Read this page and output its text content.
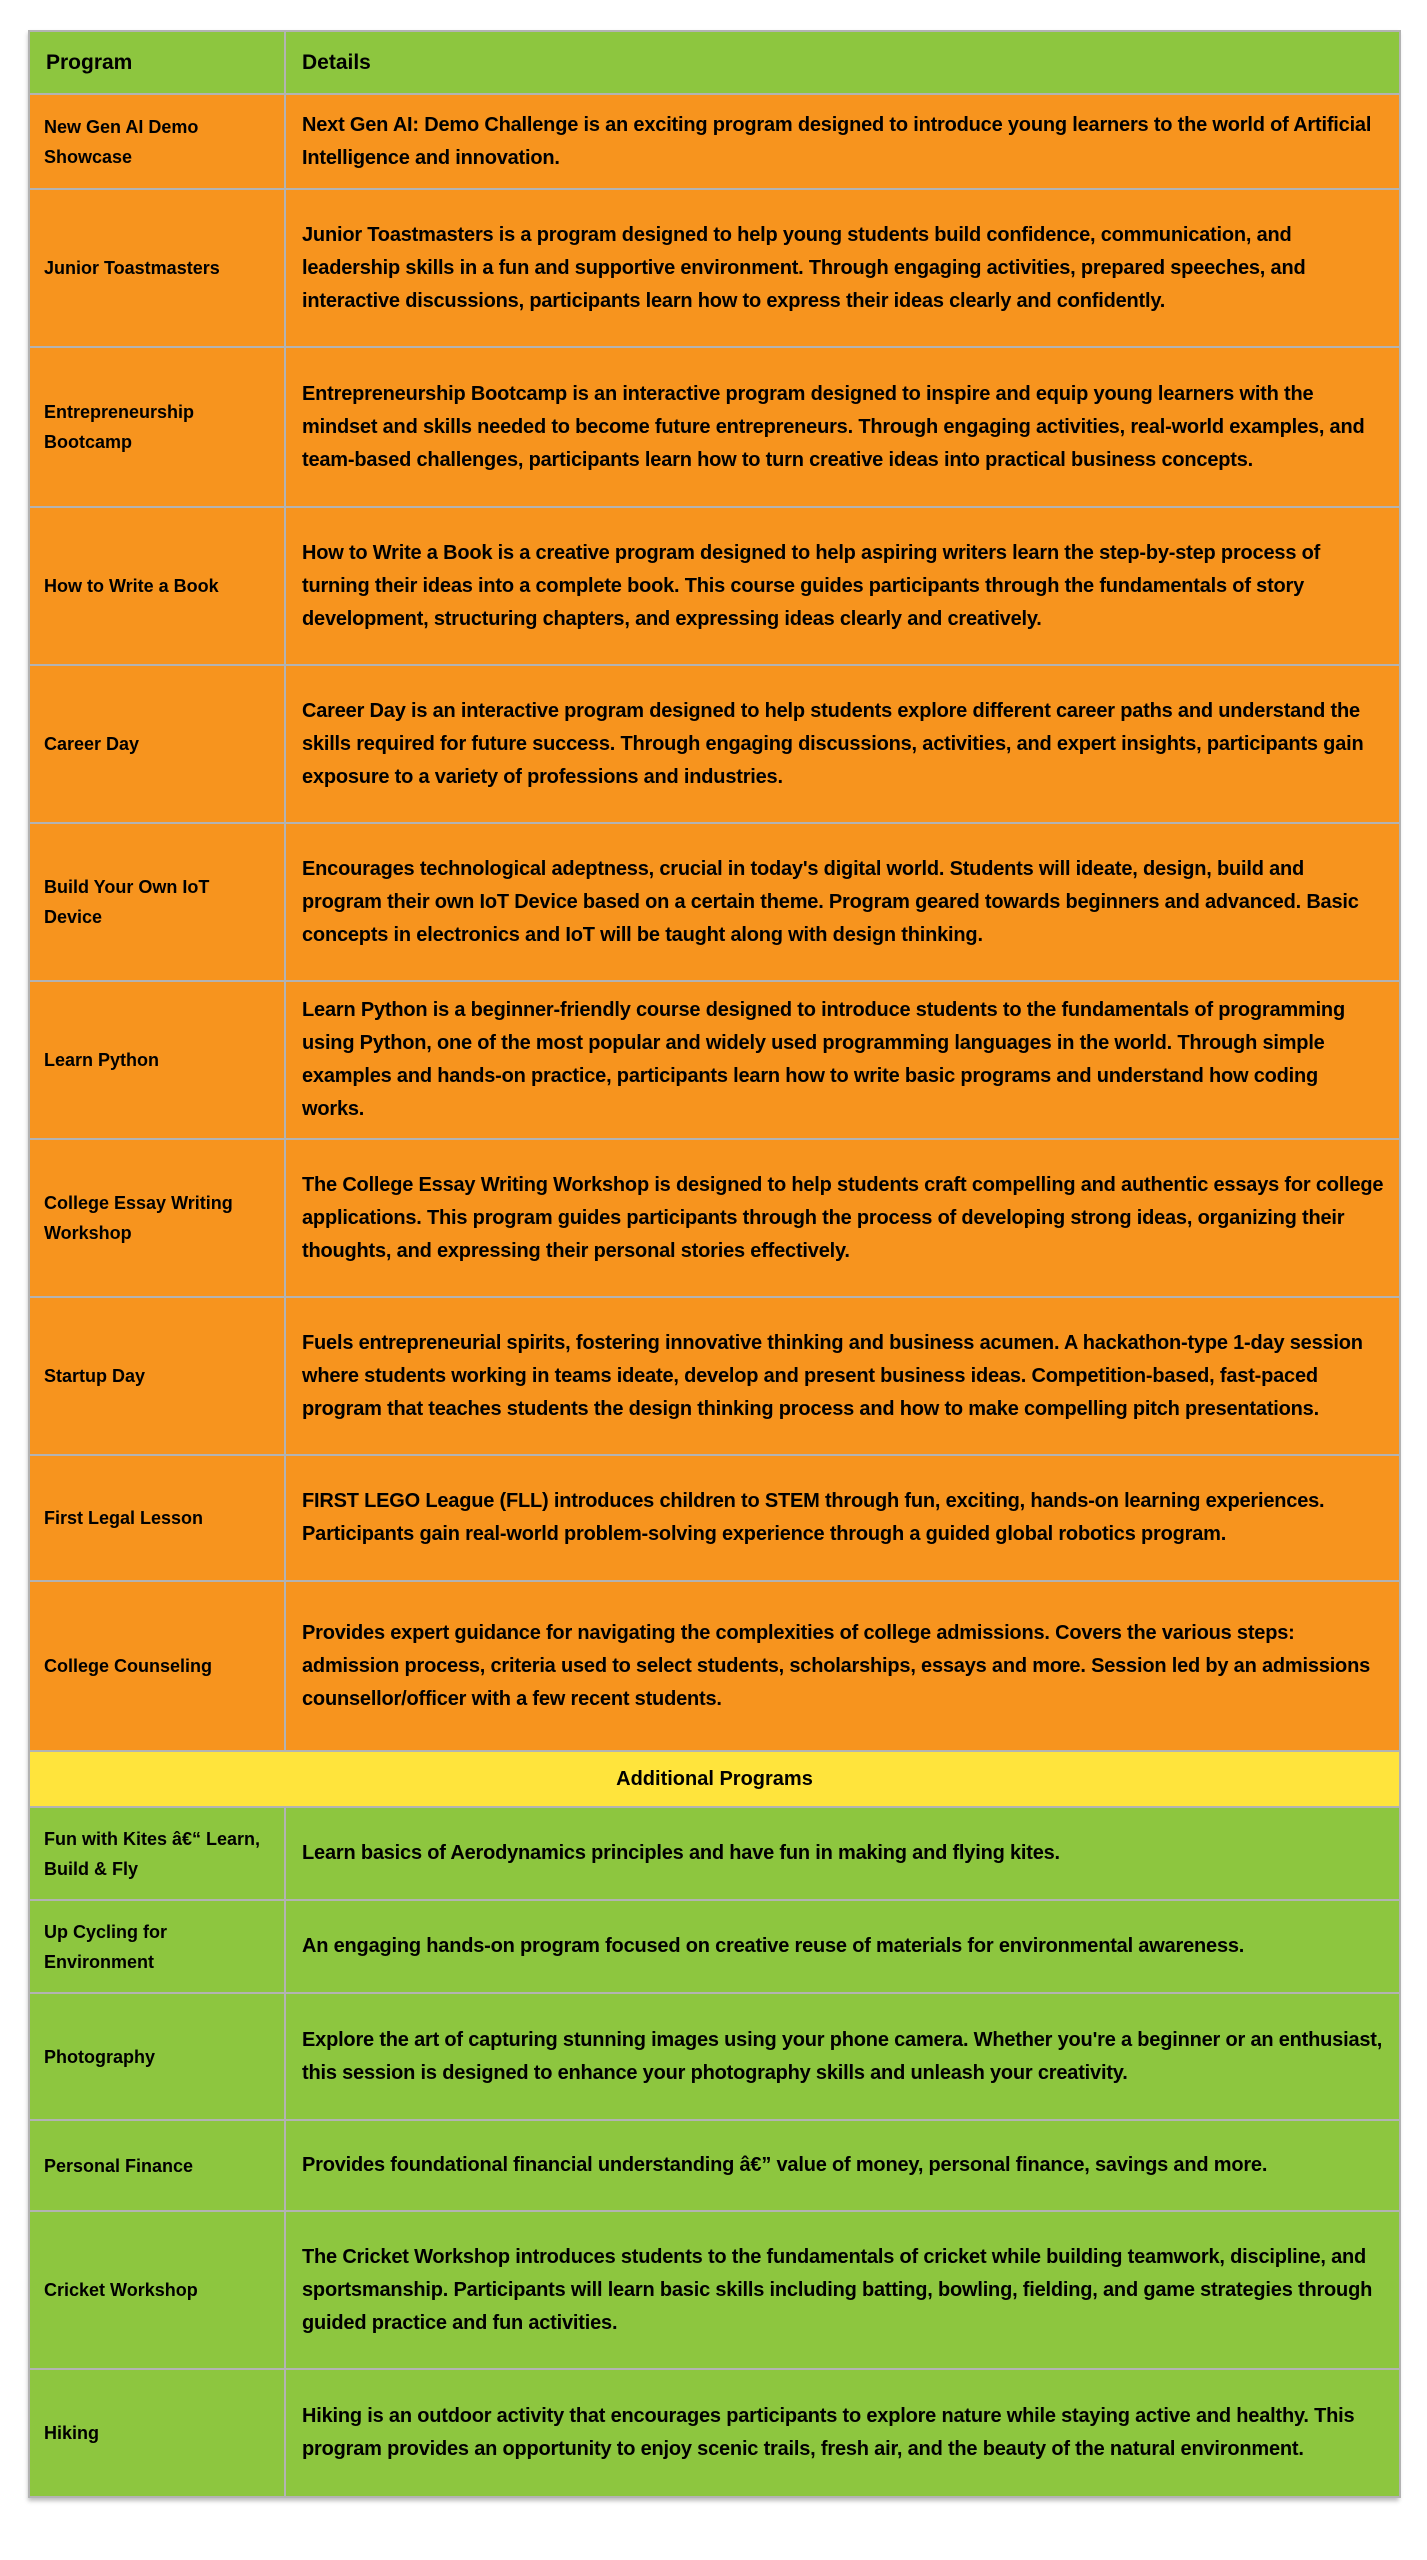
Program	Details
New Gen AI Demo Showcase	Next Gen AI: Demo Challenge is an exciting program designed to introduce young learners to the world of Artificial Intelligence and innovation.
Junior Toastmasters	Junior Toastmasters is a program designed to help young students build confidence, communication, and leadership skills in a fun and supportive environment. Through engaging activities, prepared speeches, and interactive discussions, participants learn how to express their ideas clearly and confidently.
Entrepreneurship Bootcamp	Entrepreneurship Bootcamp is an interactive program designed to inspire and equip young learners with the mindset and skills needed to become future entrepreneurs. Through engaging activities, real-world examples, and team-based challenges, participants learn how to turn creative ideas into practical business concepts.
How to Write a Book	How to Write a Book is a creative program designed to help aspiring writers learn the step-by-step process of turning their ideas into a complete book. This course guides participants through the fundamentals of story development, structuring chapters, and expressing ideas clearly and creatively.
Career Day	Career Day is an interactive program designed to help students explore different career paths and understand the skills required for future success. Through engaging discussions, activities, and expert insights, participants gain exposure to a variety of professions and industries.
Build Your Own IoT Device	Encourages technological adeptness, crucial in today's digital world. Students will ideate, design, build and program their own IoT Device based on a certain theme. Program geared towards beginners and advanced. Basic concepts in electronics and IoT will be taught along with design thinking.
Learn Python	Learn Python is a beginner-friendly course designed to introduce students to the fundamentals of programming using Python, one of the most popular and widely used programming languages in the world. Through simple examples and hands-on practice, participants learn how to write basic programs and understand how coding works.
College Essay Writing Workshop	The College Essay Writing Workshop is designed to help students craft compelling and authentic essays for college applications. This program guides participants through the process of developing strong ideas, organizing their thoughts, and expressing their personal stories effectively.
Startup Day	Fuels entrepreneurial spirits, fostering innovative thinking and business acumen. A hackathon-type 1-day session where students working in teams ideate, develop and present business ideas. Competition-based, fast-paced program that teaches students the design thinking process and how to make compelling pitch presentations.
First Legal Lesson	FIRST LEGO League (FLL) introduces children to STEM through fun, exciting, hands-on learning experiences. Participants gain real-world problem-solving experience through a guided global robotics program.
College Counseling	Provides expert guidance for navigating the complexities of college admissions. Covers the various steps: admission process, criteria used to select students, scholarships, essays and more. Session led by an admissions counsellor/officer with a few recent students.
Additional Programs	
Fun with Kites â€“ Learn, Build & Fly	Learn basics of Aerodynamics principles and have fun in making and flying kites.
Up Cycling for Environment	An engaging hands-on program focused on creative reuse of materials for environmental awareness.
Photography	Explore the art of capturing stunning images using your phone camera. Whether you're a beginner or an enthusiast, this session is designed to enhance your photography skills and unleash your creativity.
Personal Finance	Provides foundational financial understanding â€” value of money, personal finance, savings and more.
Cricket Workshop	The Cricket Workshop introduces students to the fundamentals of cricket while building teamwork, discipline, and sportsmanship. Participants will learn basic skills including batting, bowling, fielding, and game strategies through guided practice and fun activities.
Hiking	Hiking is an outdoor activity that encourages participants to explore nature while staying active and healthy. This program provides an opportunity to enjoy scenic trails, fresh air, and the beauty of the natural environment.
